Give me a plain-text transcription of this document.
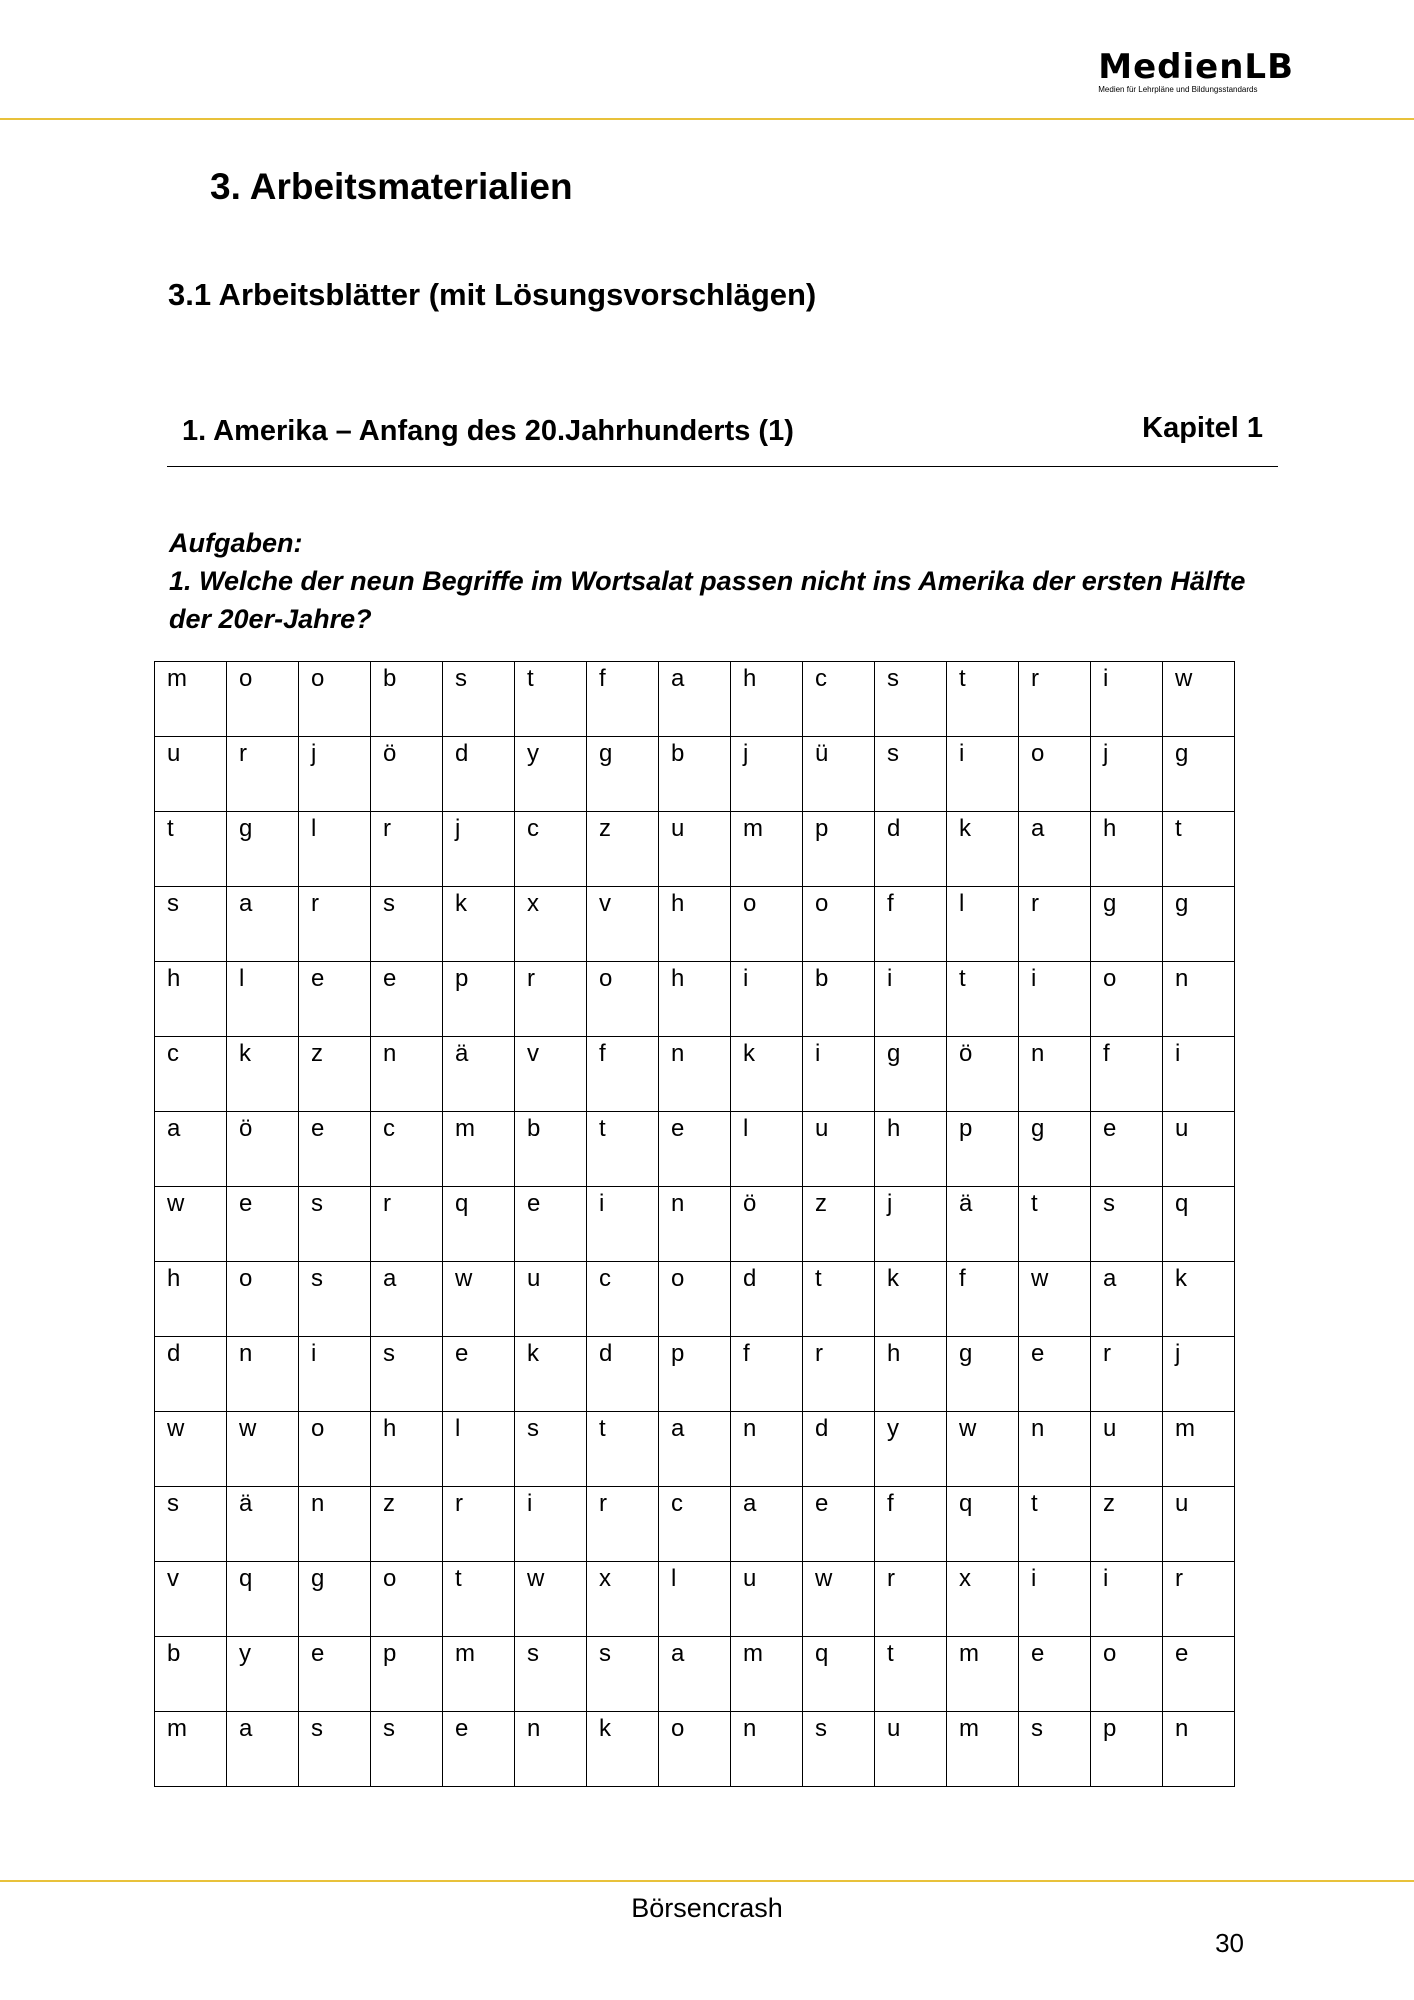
MedienLB
Medien für Lehrpläne und Bildungsstandards
3. Arbeitsmaterialien
3.1 Arbeitsblätter (mit Lösungsvorschlägen)
1. Amerika – Anfang des 20.Jahrhunderts (1)	Kapitel 1
Aufgaben:
1. Welche der neun Begriffe im Wortsalat passen nicht ins Amerika der ersten Hälfte der 20er-Jahre?
m	o	o	b	s	t	f	a	h	c	s	t	r	i	w
u	r	j	ö	d	y	g	b	j	ü	s	i	o	j	g
t	g	l	r	j	c	z	u	m	p	d	k	a	h	t
s	a	r	s	k	x	v	h	o	o	f	l	r	g	g
h	l	e	e	p	r	o	h	i	b	i	t	i	o	n
c	k	z	n	ä	v	f	n	k	i	g	ö	n	f	i
a	ö	e	c	m	b	t	e	l	u	h	p	g	e	u
w	e	s	r	q	e	i	n	ö	z	j	ä	t	s	q
h	o	s	a	w	u	c	o	d	t	k	f	w	a	k
d	n	i	s	e	k	d	p	f	r	h	g	e	r	j
w	w	o	h	l	s	t	a	n	d	y	w	n	u	m
s	ä	n	z	r	i	r	c	a	e	f	q	t	z	u
v	q	g	o	t	w	x	l	u	w	r	x	i	i	r
b	y	e	p	m	s	s	a	m	q	t	m	e	o	e
m	a	s	s	e	n	k	o	n	s	u	m	s	p	n
Börsencrash
30
